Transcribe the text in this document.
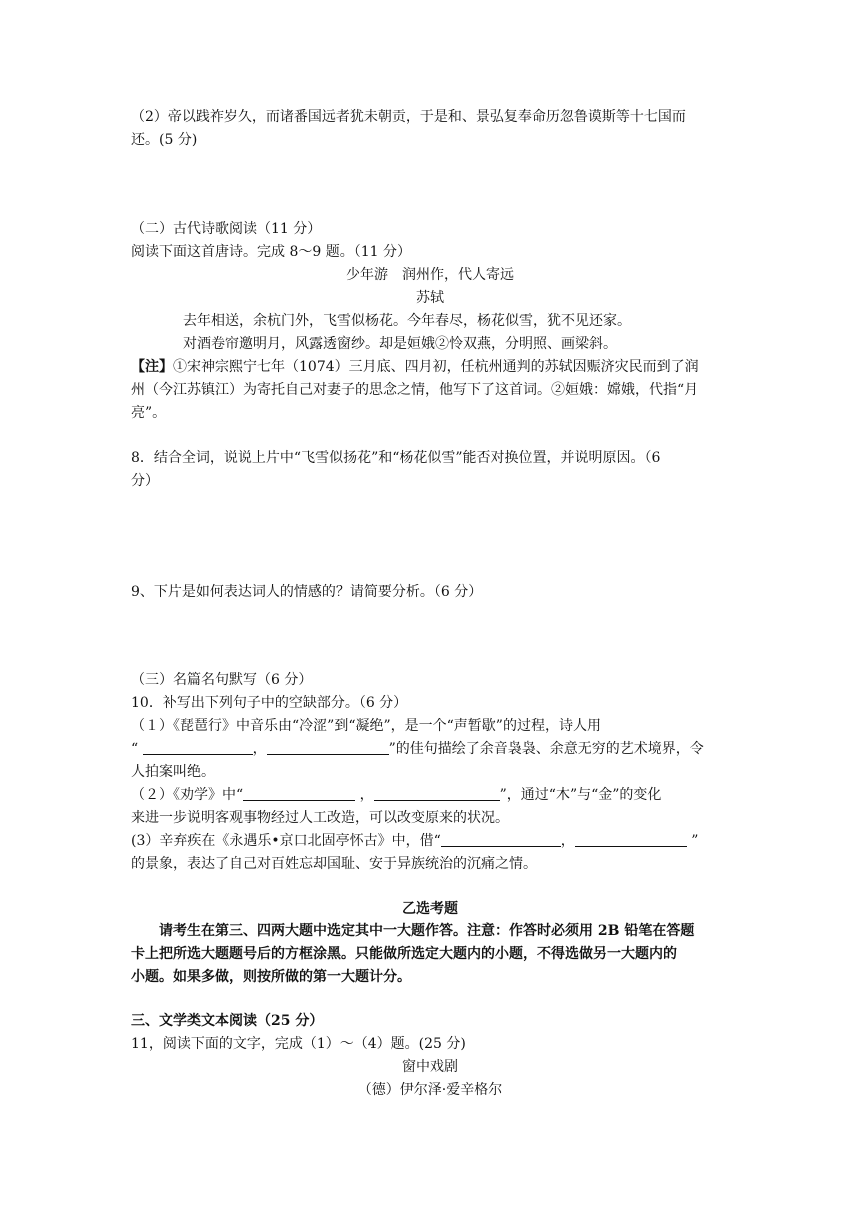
（2）帝以践祚岁久，而诸番国远者犹未朝贡，于是和、景弘复奉命历忽鲁谟斯等十七国而
还。(5 分)
（二）古代诗歌阅读（11 分）
阅读下面这首唐诗。完成 8～9 题。（11 分）
少年游　润州作，代人寄远
苏轼
去年相送，余杭门外，飞雪似杨花。今年春尽，杨花似雪，犹不见还家。
对酒卷帘邀明月，风露透窗纱。却是姮娥②怜双燕，分明照、画梁斜。
【注】①宋神宗熙宁七年（1074）三月底、四月初，任杭州通判的苏轼因赈济灾民而到了润
州（今江苏镇江）为寄托自己对妻子的思念之情，他写下了这首词。②姮娥：嫦娥，代指“月
亮”。
8．结合全词，说说上片中“飞雪似扬花”和“杨花似雪”能否对换位置，并说明原因。（6
分）
9、下片是如何表达词人的情感的？请简要分析。（6 分）
（三）名篇名句默写（6 分）
10．补写出下列句子中的空缺部分。（6 分）
（１）《琵琶行》中音乐由“冷涩”到“凝绝”，是一个“声暂歇”的过程，诗人用
“	，	”的佳句描绘了余音袅袅、余意无穷的艺术境界，令
人拍案叫绝。
（２）《劝学》中“	，	”，通过“木”与“金”的变化
来进一步说明客观事物经过人工改造，可以改变原来的状况。
(3）辛弃疾在《永遇乐•京口北固亭怀古》中，借“	，	”
的景象，表达了自己对百姓忘却国耻、安于异族统治的沉痛之情。
乙选考题
请考生在第三、四两大题中选定其中一大题作答。注意：作答时必须用 2B 铅笔在答题
卡上把所选大题题号后的方框涂黑。只能做所选定大题内的小题，不得选做另一大题内的
小题。如果多做，则按所做的第一大题计分。
三、文学类文本阅读（25 分）
11，阅读下面的文字，完成（1）～（4）题。(25 分)
窗中戏剧
（德）伊尔泽·爱辛格尔
